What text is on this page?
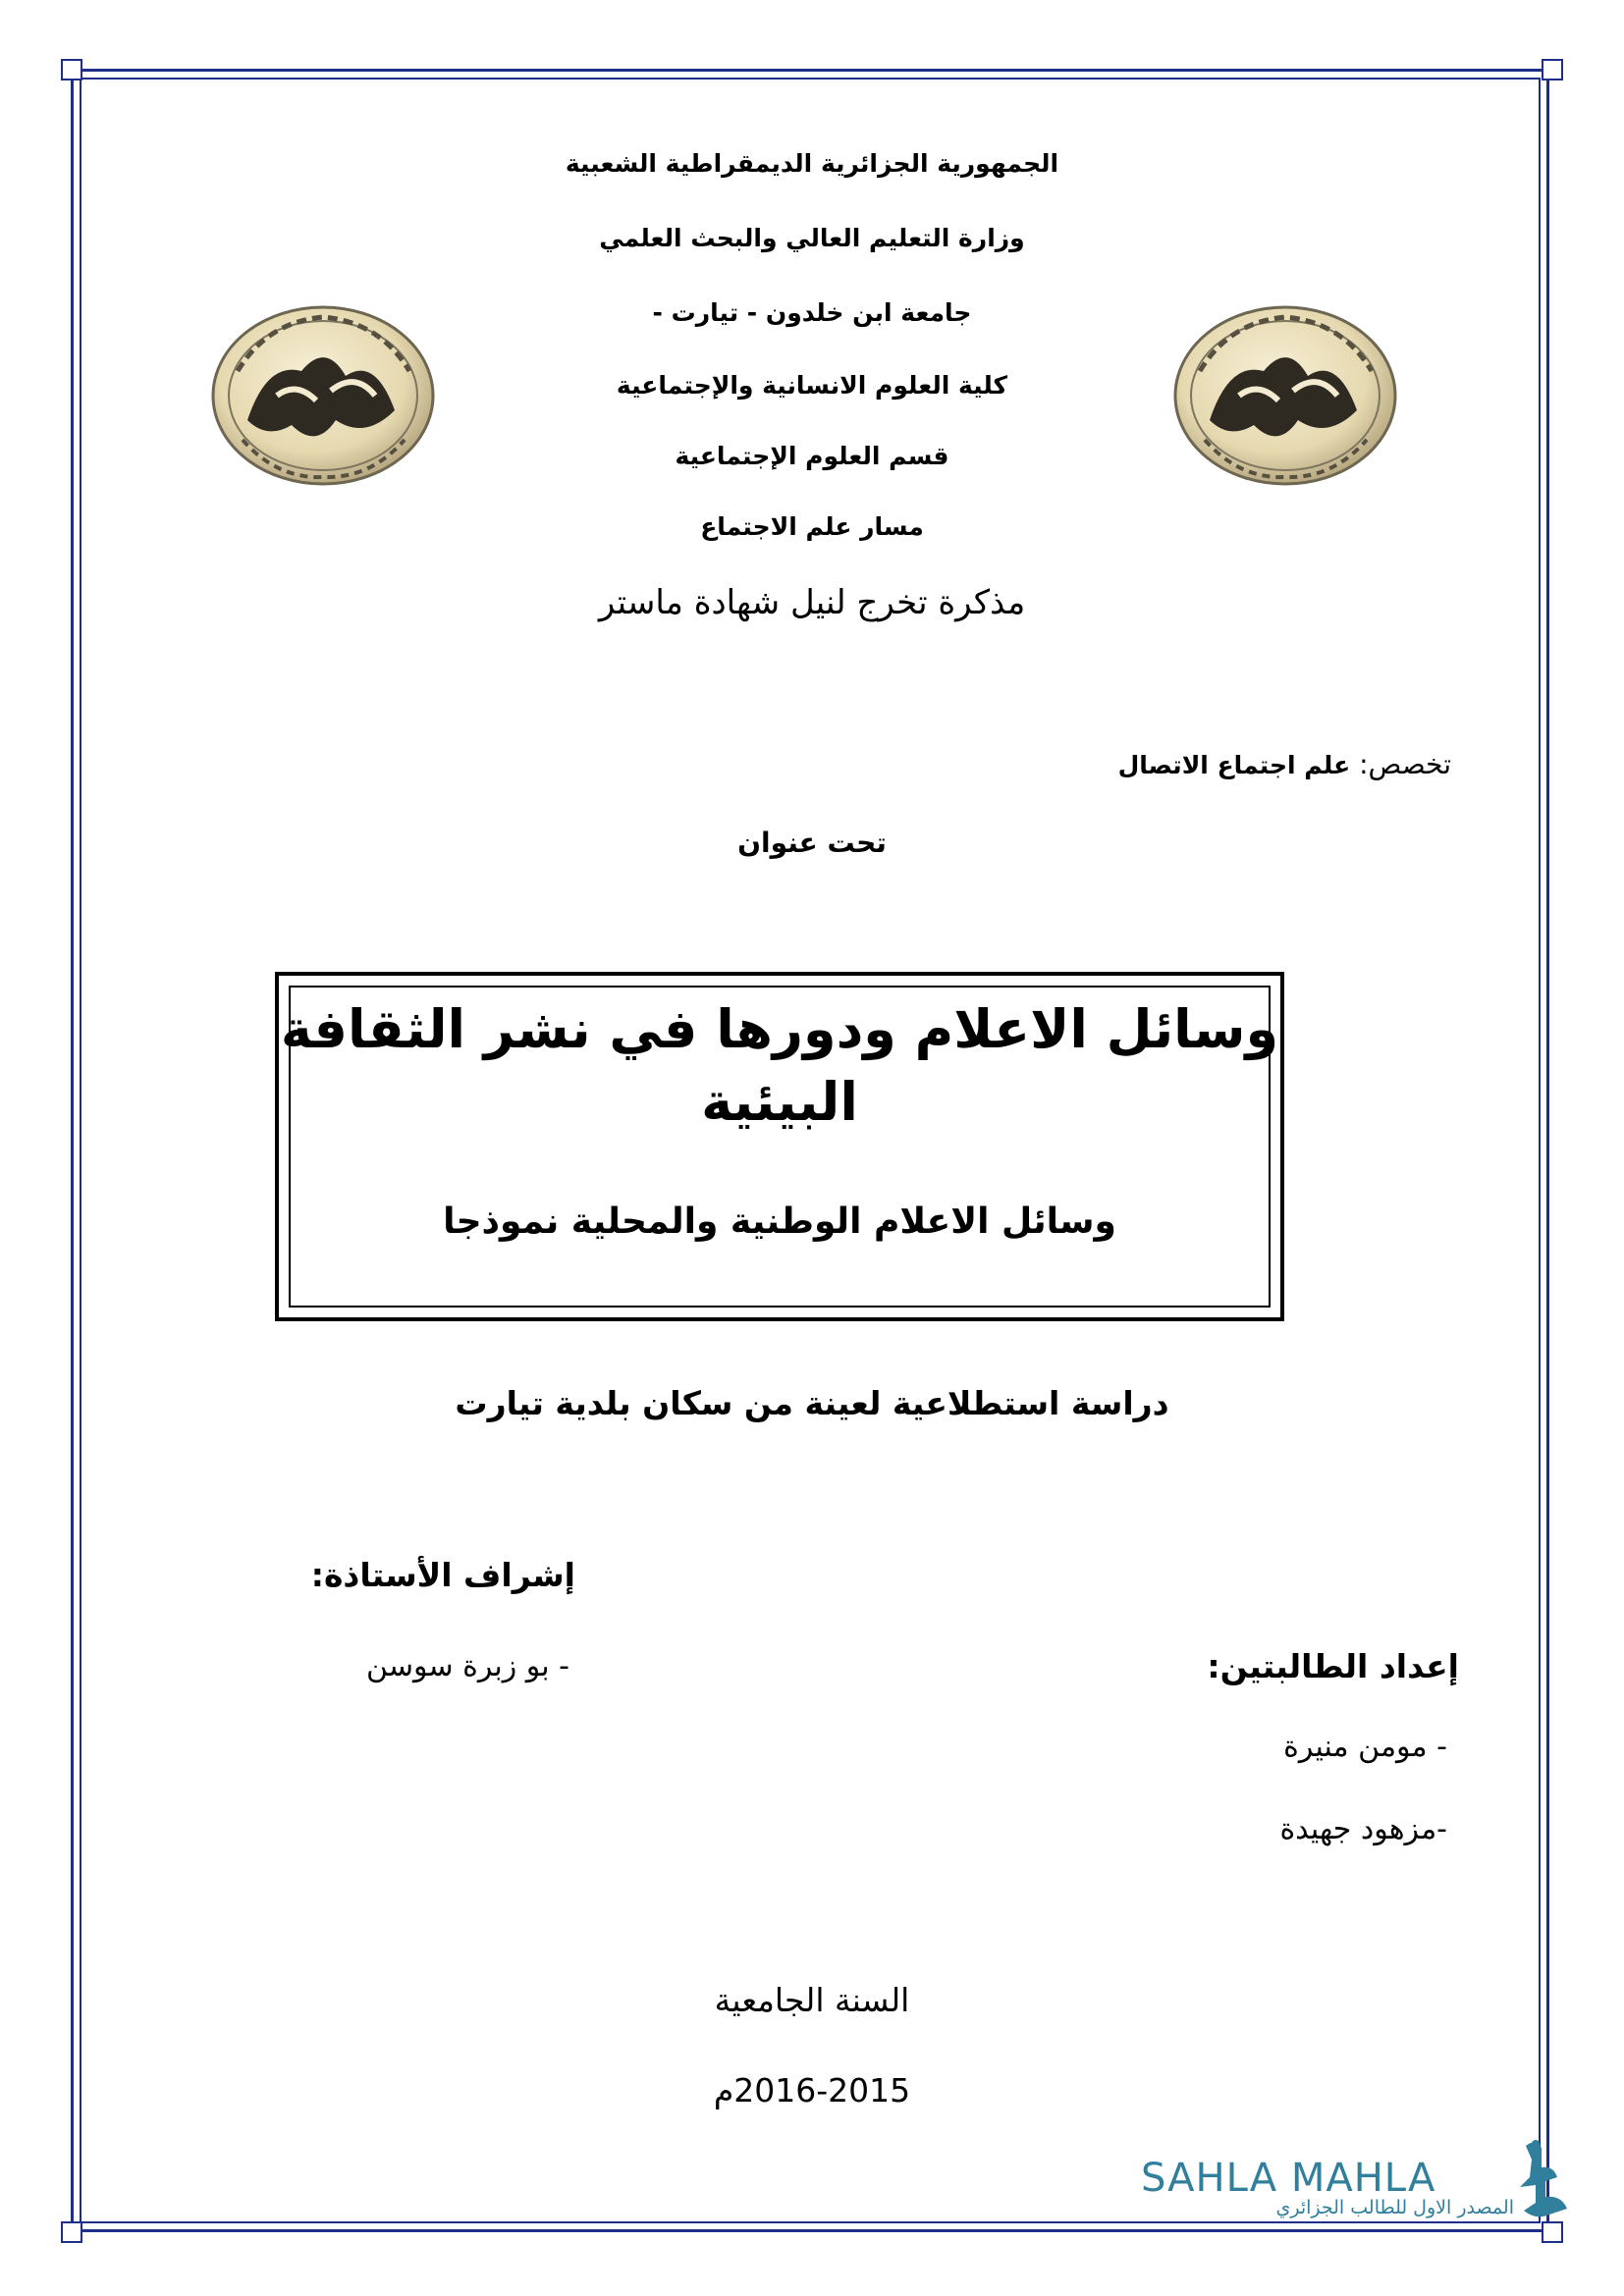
الجمهورية الجزائرية الديمقراطية الشعبية
وزارة التعليم العالي والبحث العلمي
جامعة ابن خلدون - تيارت -
كلية العلوم الانسانية والإجتماعية
قسم العلوم الإجتماعية
مسار علم الاجتماع
مذكرة تخرج لنيل شهادة ماستر
تخصص: علم اجتماع الاتصال
تحت عنوان
وسائل الاعلام ودورها في نشر الثقافة
البيئية
وسائل الاعلام الوطنية والمحلية نموذجا
دراسة استطلاعية لعينة من سكان بلدية تيارت
إشراف الأستاذة:
- بو زبرة سوسن	إعداد الطالبتين:
- مومن منيرة
-مزهود جهيدة
السنة الجامعية
2016-2015م
SAHLA MAHLA
المصدر الاول للطالب الجزائري
